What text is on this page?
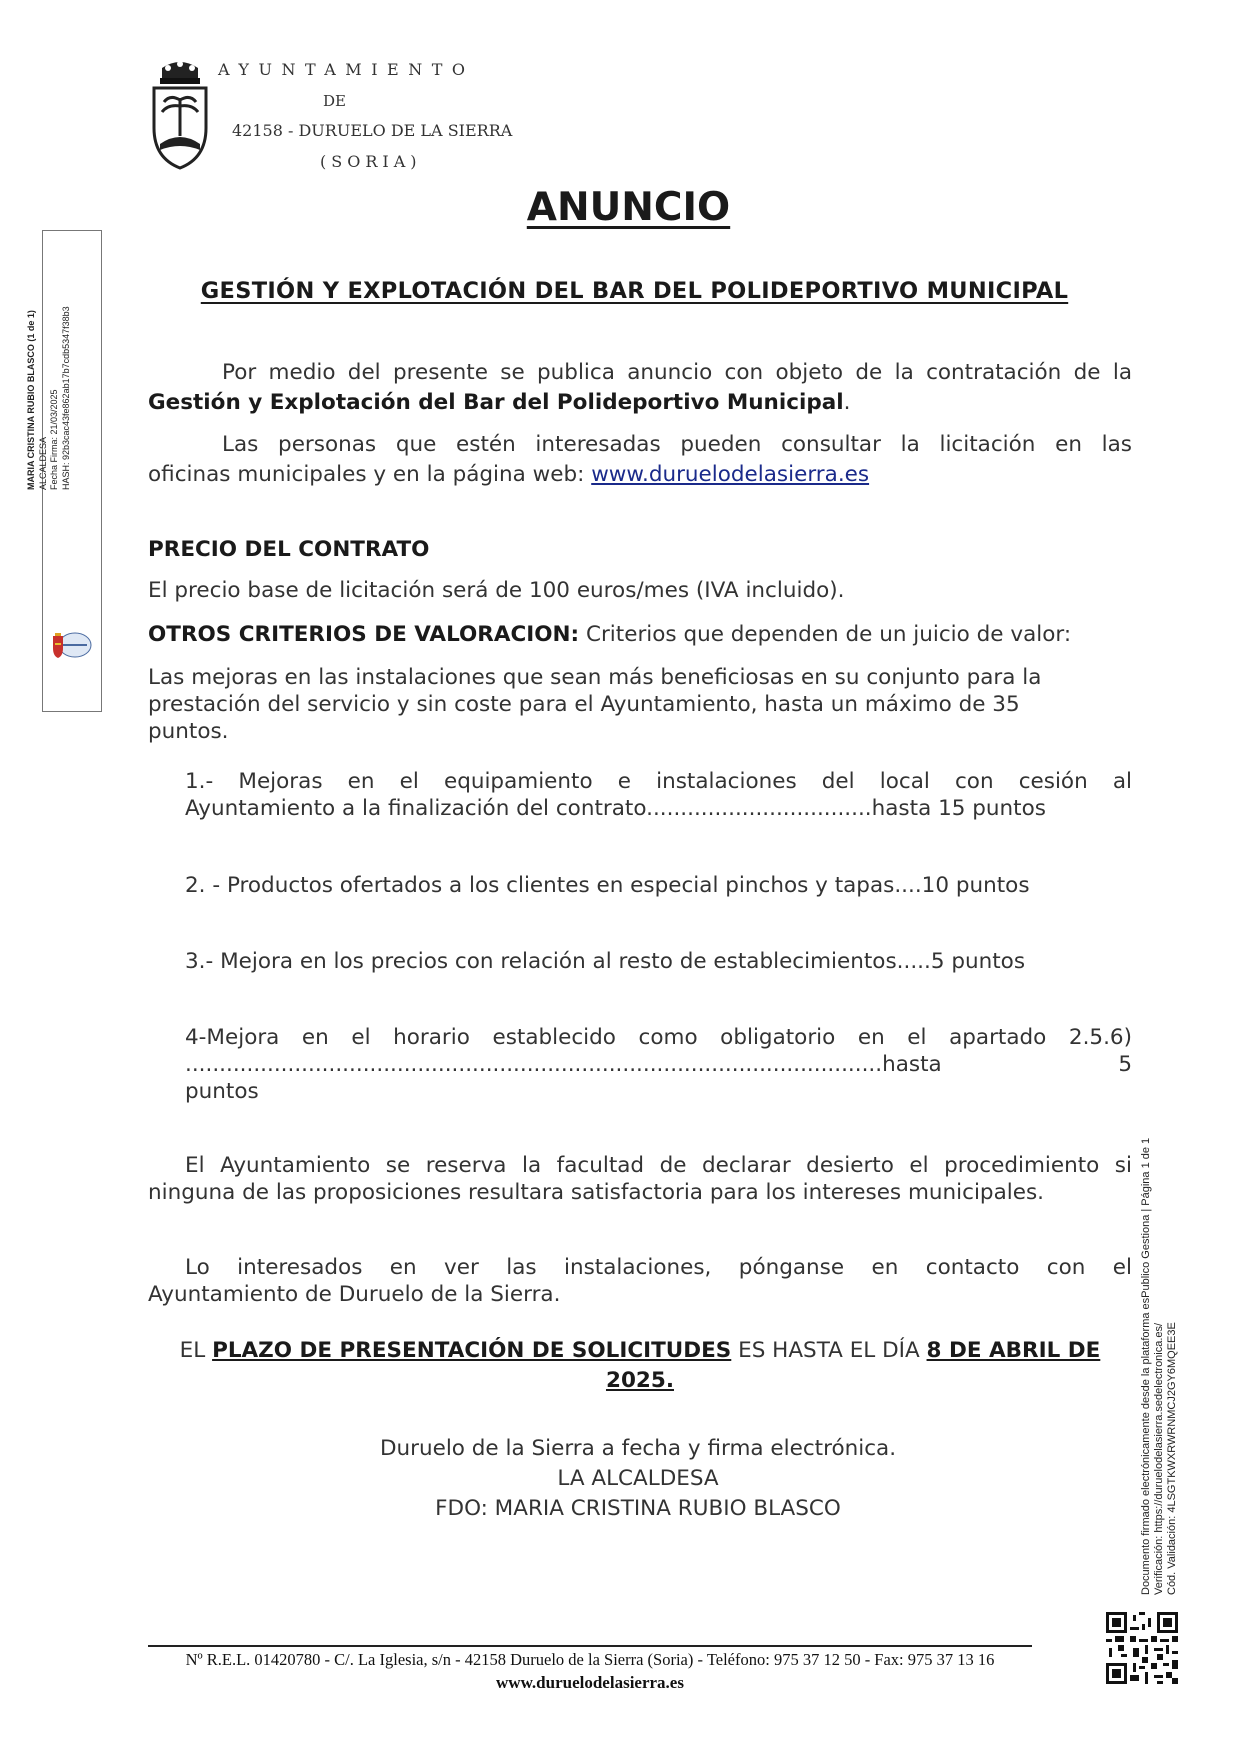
AYUNTAMIENTO
DE
42158 - DURUELO DE LA SIERRA
(SORIA)
MARIA CRISTINA RUBIO BLASCO (1 de 1) ALCALDESA Fecha Firma: 21/03/2025 HASH: 92b3cac43fe862ab17b7cdb5347f38b3
ANUNCIO
GESTIÓN Y EXPLOTACIÓN DEL BAR DEL POLIDEPORTIVO MUNICIPAL
Por medio del presente se publica anuncio con objeto de la contratación de la
Gestión y Explotación del Bar del Polideportivo Municipal.
Las personas que estén interesadas pueden consultar la licitación en las
oficinas municipales y en la página web: www.duruelodelasierra.es
PRECIO DEL CONTRATO
El precio base de licitación será de 100 euros/mes (IVA incluido).
OTROS CRITERIOS DE VALORACION: Criterios que dependen de un juicio de valor:
Las mejoras en las instalaciones que sean más beneficiosas en su conjunto para la
prestación del servicio y sin coste para el Ayuntamiento, hasta un máximo de 35
puntos.
1.- Mejoras en el equipamiento e instalaciones del local con cesión al
Ayuntamiento a la finalización del contrato.................................hasta 15 puntos
2. - Productos ofertados a los clientes en especial pinchos y tapas....10 puntos
3.- Mejora en los precios con relación al resto de establecimientos.....5 puntos
4-Mejora en el horario establecido como obligatorio en el apartado 2.5.6)
......................................................................................................hasta	5
puntos
El Ayuntamiento se reserva la facultad de declarar desierto el procedimiento si
ninguna de las proposiciones resultara satisfactoria para los intereses municipales.
Lo interesados en ver las instalaciones, pónganse en contacto con el
Ayuntamiento de Duruelo de la Sierra.
EL PLAZO DE PRESENTACIÓN DE SOLICITUDES ES HASTA EL DÍA 8 DE ABRIL DE
2025.
Duruelo de la Sierra a fecha y firma electrónica.
LA ALCALDESA
FDO: MARIA CRISTINA RUBIO BLASCO
Nº R.E.L. 01420780 - C/. La Iglesia, s/n - 42158 Duruelo de la Sierra (Soria) - Teléfono: 975 37 12 50 - Fax: 975 37 13 16
www.duruelodelasierra.es
Documento firmado electrónicamente desde la plataforma esPublico Gestiona | Página 1 de 1 Verificación: https://duruelodelasierra.sedelectronica.es/ Cód. Validación: 4LSGTKWXRWRNMCJ2GY6MQEE3E
